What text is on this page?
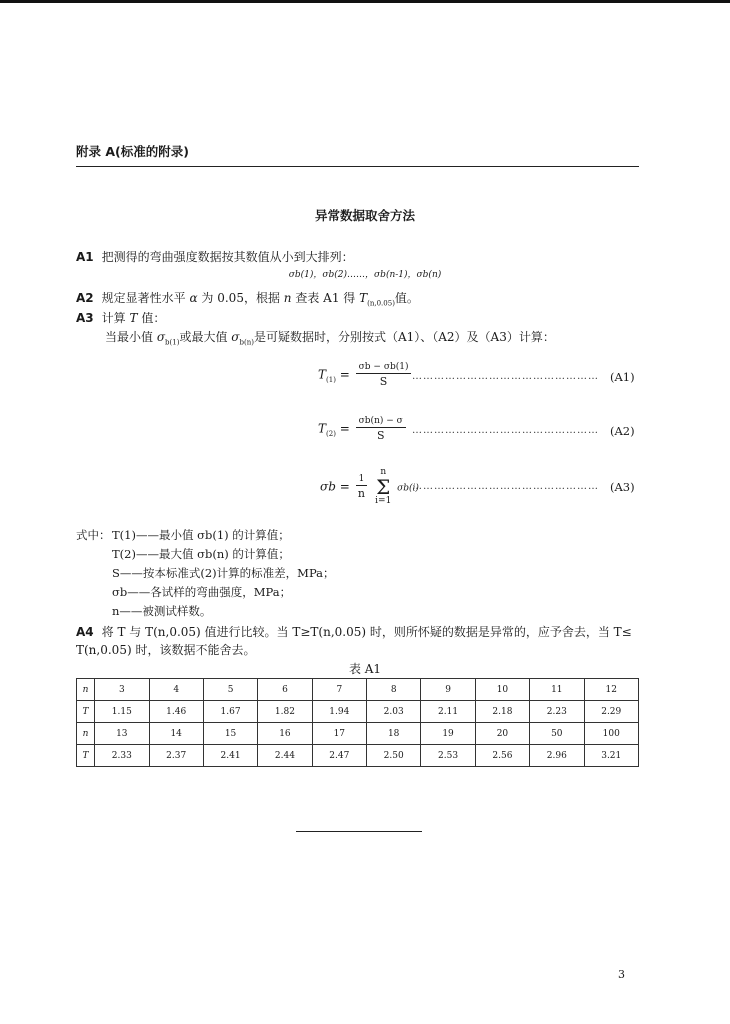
附录 A(标准的附录)
异常数据取舍方法
A1 把测得的弯曲强度数据按其数值从小到大排列：
σb(1)，σb(2)……，σb(n-1)，σb(n)
A2 规定显著性水平 α 为 0.05，根据 n 查表 A1 得 $T_{(n,0.05)}$值。
A3 计算 T 值：
当最小值 $\sigma_{b(1)}$或最大值 $\sigma_{b(n)}$是可疑数据时，分别按式（A1）、（A2）及（A3）计算：
$T_{(1)} = \frac{\sigma b - \sigma b(1)}{S}$ …………………………………………… (A1)
$T_{(2)} = \frac{\sigma b(n) - \sigma}{S}$ …………………………………………… (A2)
$\sigma b = \frac{1}{n}$

n
Σ
i=1
σb(i)
…………………………………………… (A3)
式中： T(1)——最小值 σb(1) 的计算值；
T(2)——最大值 σb(n) 的计算值；
S——按本标准式(2)计算的标准差，MPa；
σb——各试样的弯曲强度，MPa；
n——被测试样数。
A4 将 T 与 T(n,0.05) 值进行比较。当 T≥T(n,0.05) 时，则所怀疑的数据是异常的，应予舍去，当 T≤
T(n,0.05) 时，该数据不能舍去。
表 A1
n	3	4	5	6	7	8	9	10	11	12
T	1.15	1.46	1.67	1.82	1.94	2.03	2.11	2.18	2.23	2.29
n	13	14	15	16	17	18	19	20	50	100
T	2.33	2.37	2.41	2.44	2.47	2.50	2.53	2.56	2.96	3.21
3
